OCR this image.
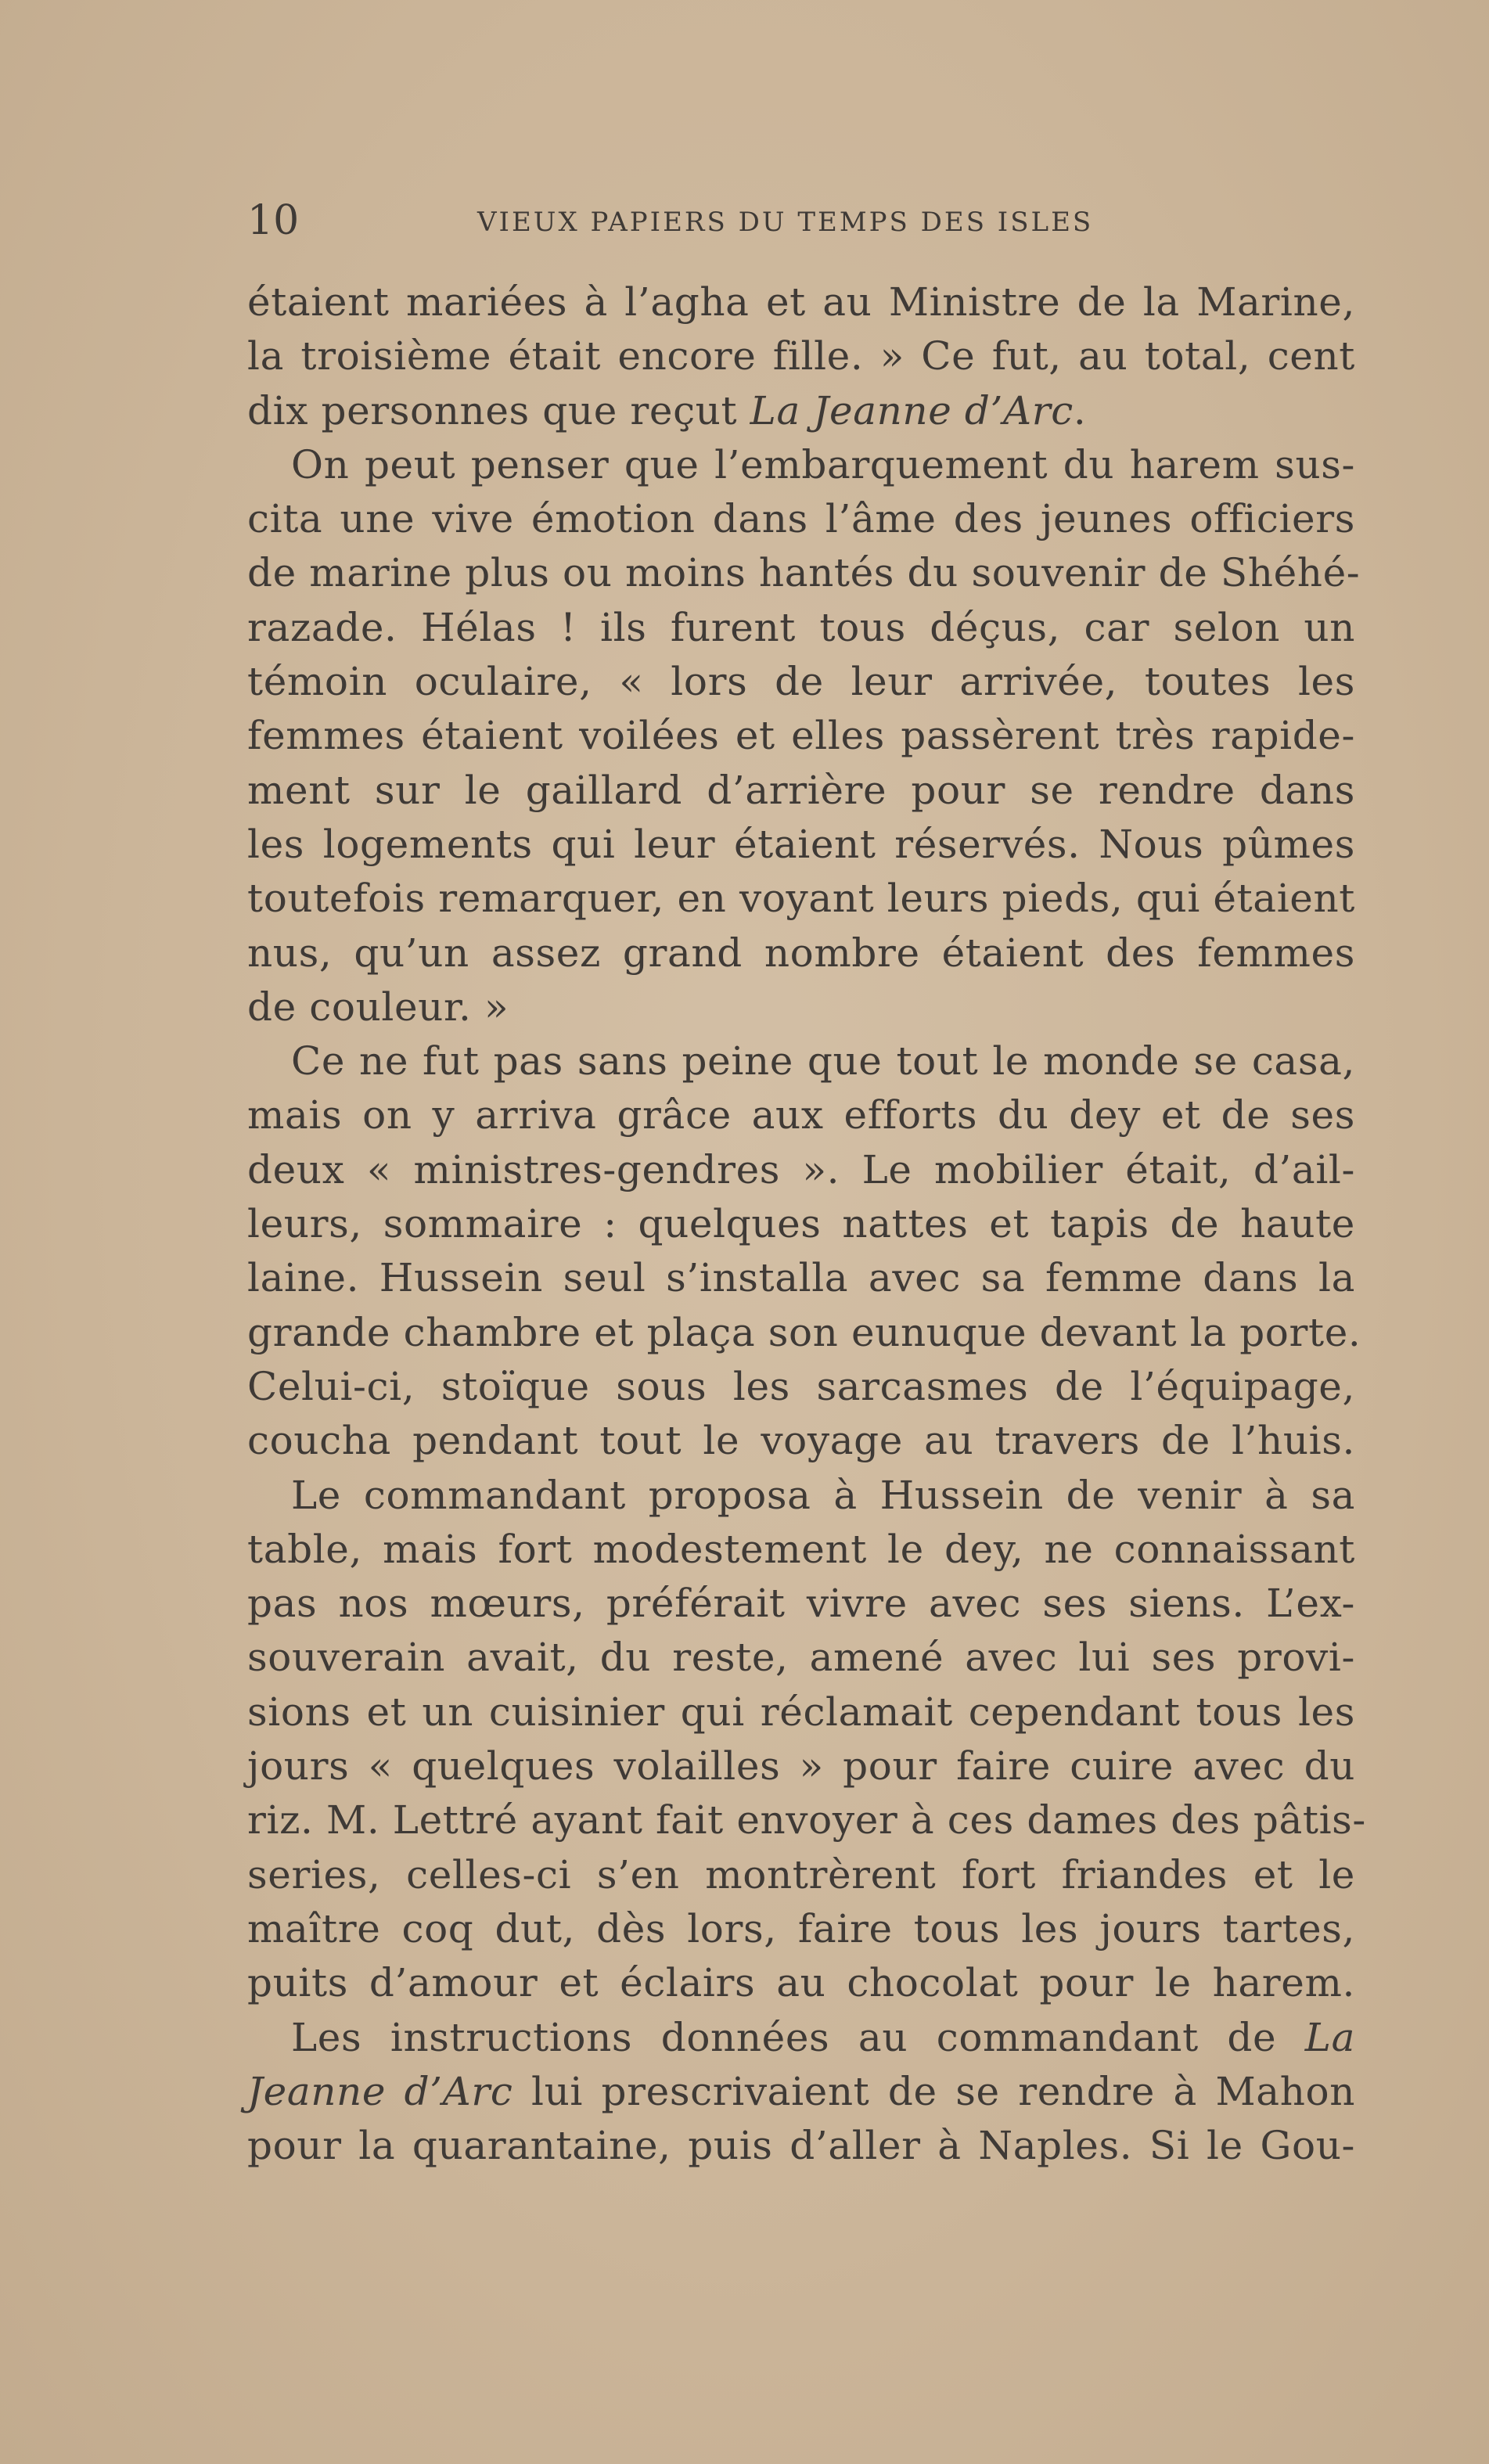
10	VIEUX PAPIERS DU TEMPS DES ISLES

étaient mariées à l’agha et au Ministre de la Marine,
la troisième était encore fille. » Ce fut, au total, cent
dix personnes que reçut La Jeanne d’Arc.

On peut penser que l’embarquement du harem sus-
cita une vive émotion dans l’âme des jeunes officiers
de marine plus ou moins hantés du souvenir de Shéhé-
razade. Hélas ! ils furent tous déçus, car selon un
témoin oculaire, « lors de leur arrivée, toutes les
femmes étaient voilées et elles passèrent très rapide-
ment sur le gaillard d’arrière pour se rendre dans
les logements qui leur étaient réservés. Nous pûmes
toutefois remarquer, en voyant leurs pieds, qui étaient
nus, qu’un assez grand nombre étaient des femmes
de couleur. »

Ce ne fut pas sans peine que tout le monde se casa,
mais on y arriva grâce aux efforts du dey et de ses
deux « ministres-gendres ». Le mobilier était, d’ail-
leurs, sommaire : quelques nattes et tapis de haute
laine. Hussein seul s’installa avec sa femme dans la
grande chambre et plaça son eunuque devant la porte.
Celui-ci, stoïque sous les sarcasmes de l’équipage,
coucha pendant tout le voyage au travers de l’huis.

Le commandant proposa à Hussein de venir à sa
table, mais fort modestement le dey, ne connaissant
pas nos mœurs, préférait vivre avec ses siens. L’ex-
souverain avait, du reste, amené avec lui ses provi-
sions et un cuisinier qui réclamait cependant tous les
jours « quelques volailles » pour faire cuire avec du
riz. M. Lettré ayant fait envoyer à ces dames des pâtis-
series, celles-ci s’en montrèrent fort friandes et le
maître coq dut, dès lors, faire tous les jours tartes,
puits d’amour et éclairs au chocolat pour le harem.

Les instructions données au commandant de La
Jeanne d’Arc lui prescrivaient de se rendre à Mahon
pour la quarantaine, puis d’aller à Naples. Si le Gou-
